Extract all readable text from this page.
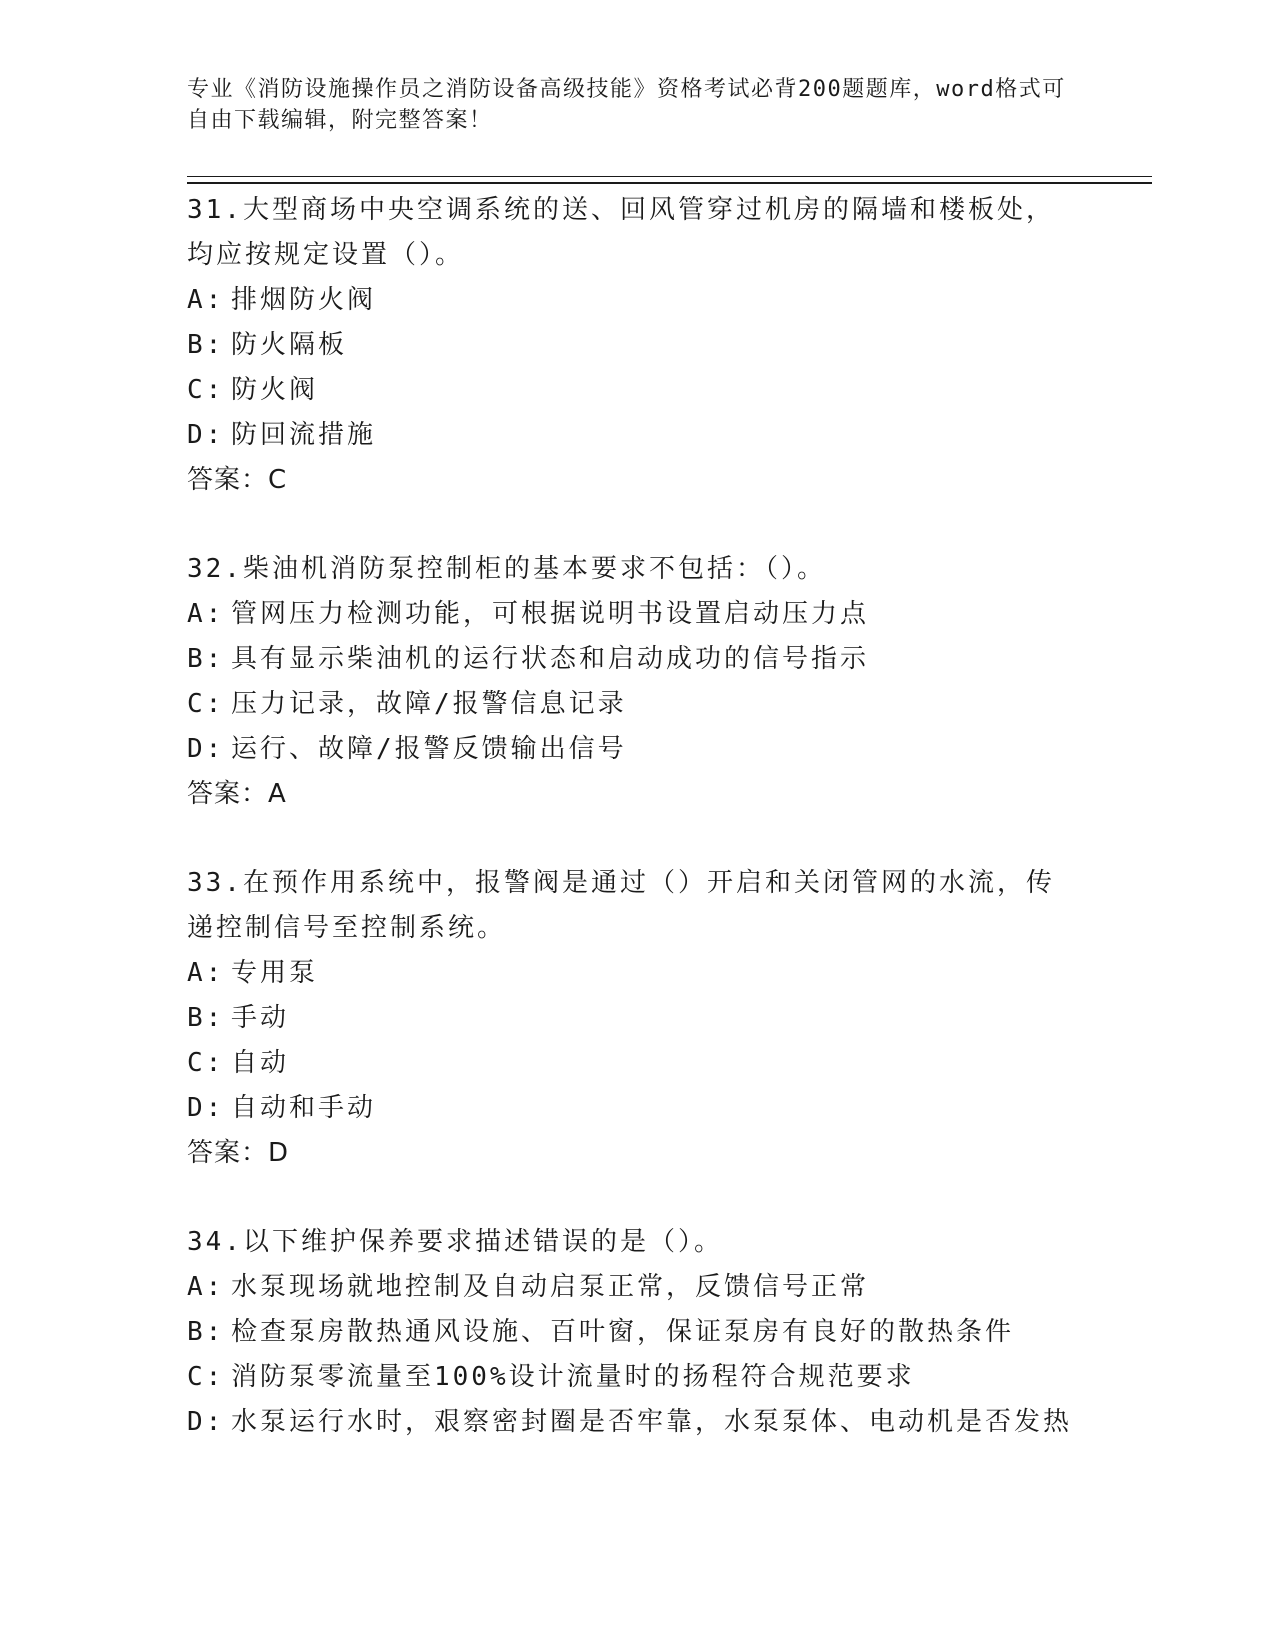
专业《消防设施操作员之消防设备高级技能》资格考试必背200题题库，word格式可自由下载编辑，附完整答案！
31.大型商场中央空调系统的送、回风管穿过机房的隔墙和楼板处，均应按规定设置（）。
A: 排烟防火阀
B: 防火隔板
C: 防火阀
D: 防回流措施
答案：C
32.柴油机消防泵控制柜的基本要求不包括：（）。
A: 管网压力检测功能，可根据说明书设置启动压力点
B: 具有显示柴油机的运行状态和启动成功的信号指示
C: 压力记录，故障/报警信息记录
D: 运行、故障/报警反馈输出信号
答案：A
33.在预作用系统中，报警阀是通过（）开启和关闭管网的水流，传递控制信号至控制系统。
A: 专用泵
B: 手动
C: 自动
D: 自动和手动
答案：D
34.以下维护保养要求描述错误的是（）。
A: 水泵现场就地控制及自动启泵正常，反馈信号正常
B: 检查泵房散热通风设施、百叶窗，保证泵房有良好的散热条件
C: 消防泵零流量至100%设计流量时的扬程符合规范要求
D: 水泵运行水时，艰察密封圈是否牢靠，水泵泵体、电动机是否发热
